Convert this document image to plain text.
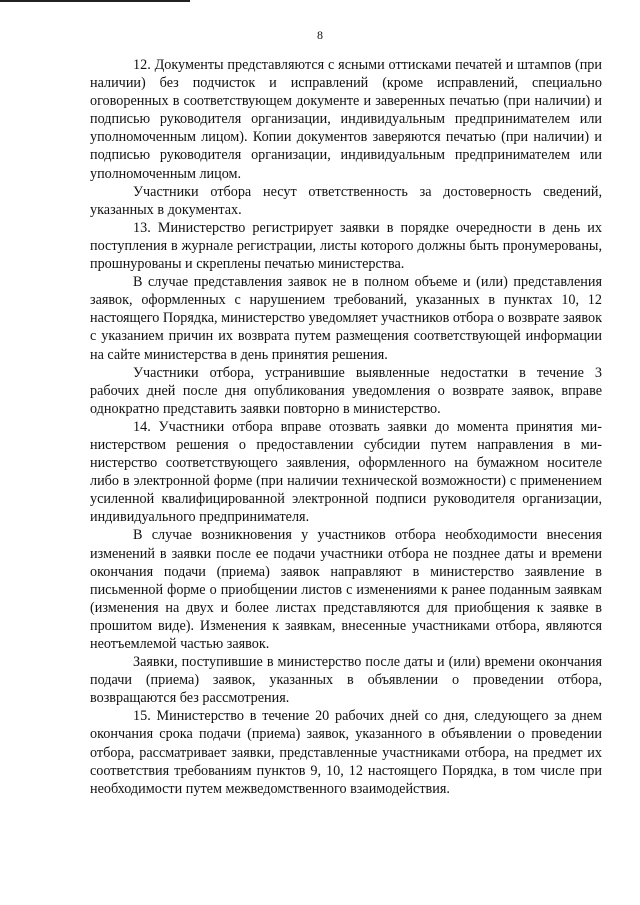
8

12. Документы представляются с ясными оттисками печатей и штампов (при наличии) без подчисток и исправлений (кроме исправлений, специально оговоренных в соответствующем документе и заверенных печатью (при наличии) и подписью руководителя организации, индивидуальным предпринимателем или уполномоченным лицом). Копии документов заверяются печатью (при наличии) и подписью руководителя организации, индивидуальным предпринимателем или уполномоченным лицом.

Участники отбора несут ответственность за достоверность сведений, указанных в документах.

13. Министерство регистрирует заявки в порядке очередности в день их поступления в журнале регистрации, листы которого должны быть пронумерованы, прошнурованы и скреплены печатью министерства.

В случае представления заявок не в полном объеме и (или) представления заявок, оформленных с нарушением требований, указанных в пунктах 10, 12 настоящего Порядка, министерство уведомляет участников отбора о возврате заявок с указанием причин их возврата путем размещения соответствующей информации на сайте министерства в день принятия решения.

Участники отбора, устранившие выявленные недостатки в течение 3 рабочих дней после дня опубликования уведомления о возврате заявок, вправе однократно представить заявки повторно в министерство.

14. Участники отбора вправе отозвать заявки до момента принятия министерством решения о предоставлении субсидии путем направления в министерство соответствующего заявления, оформленного на бумажном носителе либо в электронной форме (при наличии технической возможности) с применением усиленной квалифицированной электронной подписи руководителя организации, индивидуального предпринимателя.

В случае возникновения у участников отбора необходимости внесения изменений в заявки после ее подачи участники отбора не позднее даты и времени окончания подачи (приема) заявок направляют в министерство заявление в письменной форме о приобщении листов с изменениями к ранее поданным заявкам (изменения на двух и более листах представляются для приобщения к заявке в прошитом виде). Изменения к заявкам, внесенные участниками отбора, являются неотъемлемой частью заявок.

Заявки, поступившие в министерство после даты и (или) времени окончания подачи (приема) заявок, указанных в объявлении о проведении отбора, возвращаются без рассмотрения.

15. Министерство в течение 20 рабочих дней со дня, следующего за днем окончания срока подачи (приема) заявок, указанного в объявлении о проведении отбора, рассматривает заявки, представленные участниками отбора, на предмет их соответствия требованиям пунктов 9, 10, 12 настоящего Порядка, в том числе при необходимости путем межведомственного взаимодействия.
